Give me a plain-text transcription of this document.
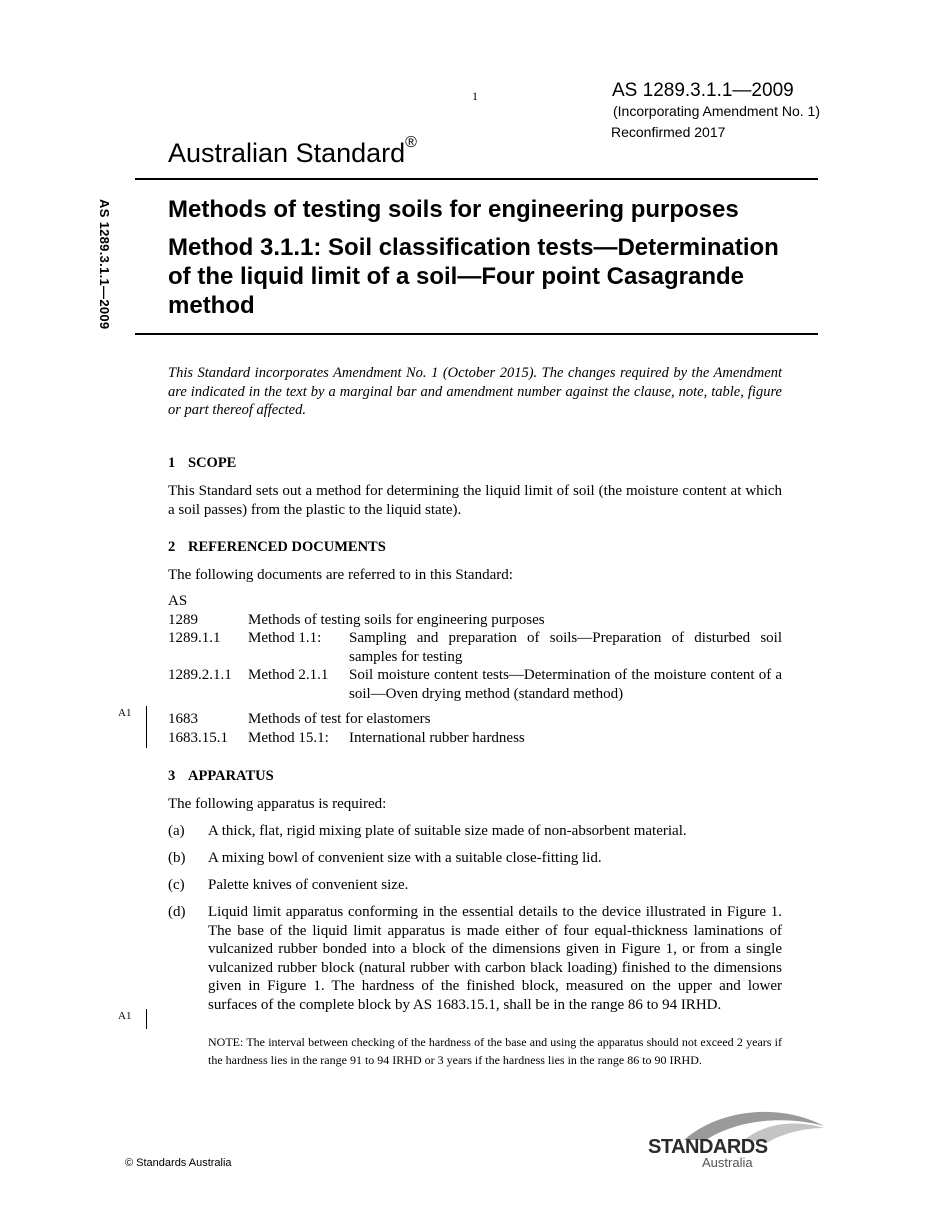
1	AS 1289.3.1.1—2009
(Incorporating Amendment No. 1)
Reconfirmed 2017
Australian Standard®
AS 1289.3.1.1—2009 Methods of testing soils for engineering purposes
Method 3.1.1: Soil classification tests—Determination of the liquid limit of a soil—Four point Casagrande method
This Standard incorporates Amendment No. 1 (October 2015). The changes required by the Amendment are indicated in the text by a marginal bar and amendment number against the clause, note, table, figure or part thereof affected.
1 SCOPE
This Standard sets out a method for determining the liquid limit of soil (the moisture content at which a soil passes) from the plastic to the liquid state).
2 REFERENCED DOCUMENTS
The following documents are referred to in this Standard:
AS
1289	Methods of testing soils for engineering purposes
1289.1.1	Method 1.1:	Sampling and preparation of soils—Preparation of disturbed soil samples for testing
1289.2.1.1	Method 2.1.1	Soil moisture content tests—Determination of the moisture content of a soil—Oven drying method (standard method)
1683	Methods of test for elastomers
1683.15.1	Method 15.1:	International rubber hardness
A1
3 APPARATUS
The following apparatus is required:
(a)	A thick, flat, rigid mixing plate of suitable size made of non-absorbent material.
(b)	A mixing bowl of convenient size with a suitable close-fitting lid.
(c)	Palette knives of convenient size.
(d)	Liquid limit apparatus conforming in the essential details to the device illustrated in Figure 1. The base of the liquid limit apparatus is made either of four equal-thickness laminations of vulcanized rubber bonded into a block of the dimensions given in Figure 1, or from a single vulcanized rubber block (natural rubber with carbon black loading) finished to the dimensions given in Figure 1. The hardness of the finished block, measured on the upper and lower surfaces of the complete block by AS 1683.15.1, shall be in the range 86 to 94 IRHD.
A1
NOTE: The interval between checking of the hardness of the base and using the apparatus should not exceed 2 years if the hardness lies in the range 91 to 94 IRHD or 3 years if the hardness lies in the range 86 to 90 IRHD.
© Standards Australia
STANDARDS
Australia
